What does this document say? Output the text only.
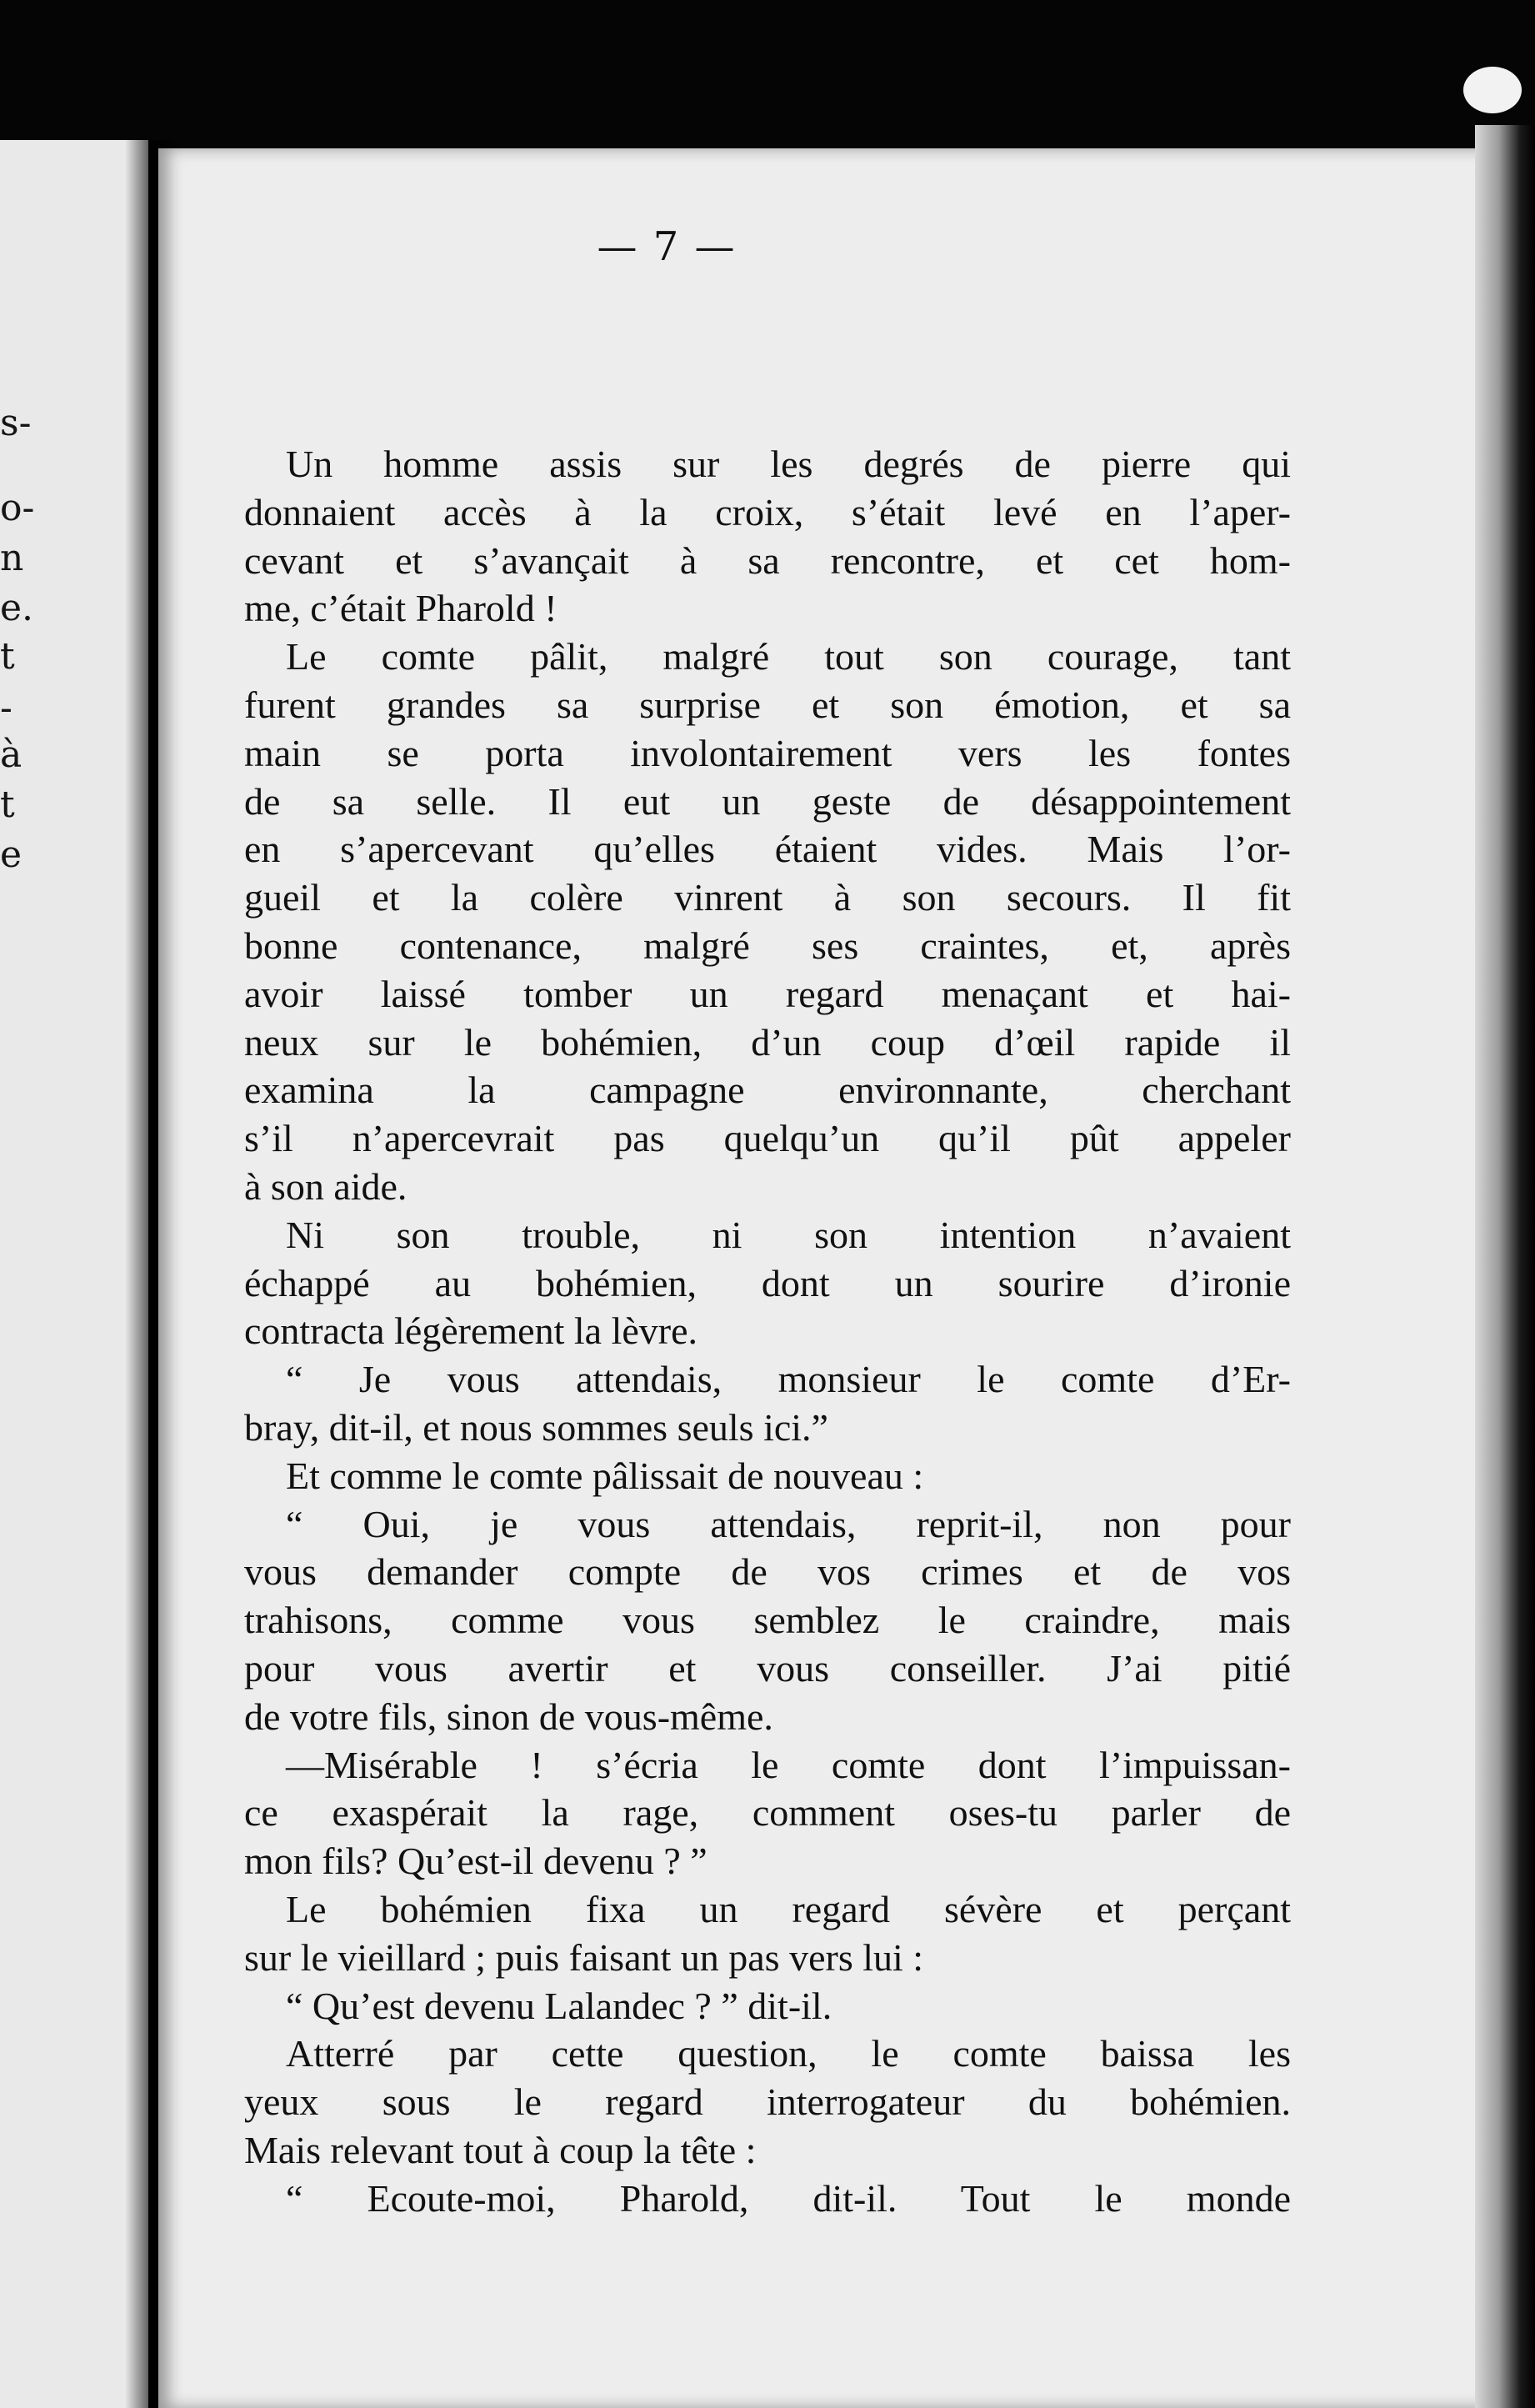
s-
o-
n
e.
t
-
à
t
e
— 7 —
Un homme assis sur les degrés de pierre qui
donnaient accès à la croix, s’était levé en l’aper-
cevant et s’avançait à sa rencontre, et cet hom-
me, c’était Pharold !
Le comte pâlit, malgré tout son courage, tant
furent grandes sa surprise et son émotion, et sa
main se porta involontairement vers les fontes
de sa selle. Il eut un geste de désappointement
en s’apercevant qu’elles étaient vides. Mais l’or-
gueil et la colère vinrent à son secours. Il fit
bonne contenance, malgré ses craintes, et, après
avoir laissé tomber un regard menaçant et hai-
neux sur le bohémien, d’un coup d’œil rapide il
examina la campagne environnante, cherchant
s’il n’apercevrait pas quelqu’un qu’il pût appeler
à son aide.
Ni son trouble, ni son intention n’avaient
échappé au bohémien, dont un sourire d’ironie
contracta légèrement la lèvre.
“ Je vous attendais, monsieur le comte d’Er-
bray, dit-il, et nous sommes seuls ici.”
Et comme le comte pâlissait de nouveau :
“ Oui, je vous attendais, reprit-il, non pour
vous demander compte de vos crimes et de vos
trahisons, comme vous semblez le craindre, mais
pour vous avertir et vous conseiller. J’ai pitié
de votre fils, sinon de vous-même.
—Misérable ! s’écria le comte dont l’impuissan-
ce exaspérait la rage, comment oses-tu parler de
mon fils? Qu’est-il devenu ? ”
Le bohémien fixa un regard sévère et perçant
sur le vieillard ; puis faisant un pas vers lui :
“ Qu’est devenu Lalandec ? ” dit-il.
Atterré par cette question, le comte baissa les
yeux sous le regard interrogateur du bohémien.
Mais relevant tout à coup la tête :
“ Ecoute-moi, Pharold, dit-il. Tout le monde
